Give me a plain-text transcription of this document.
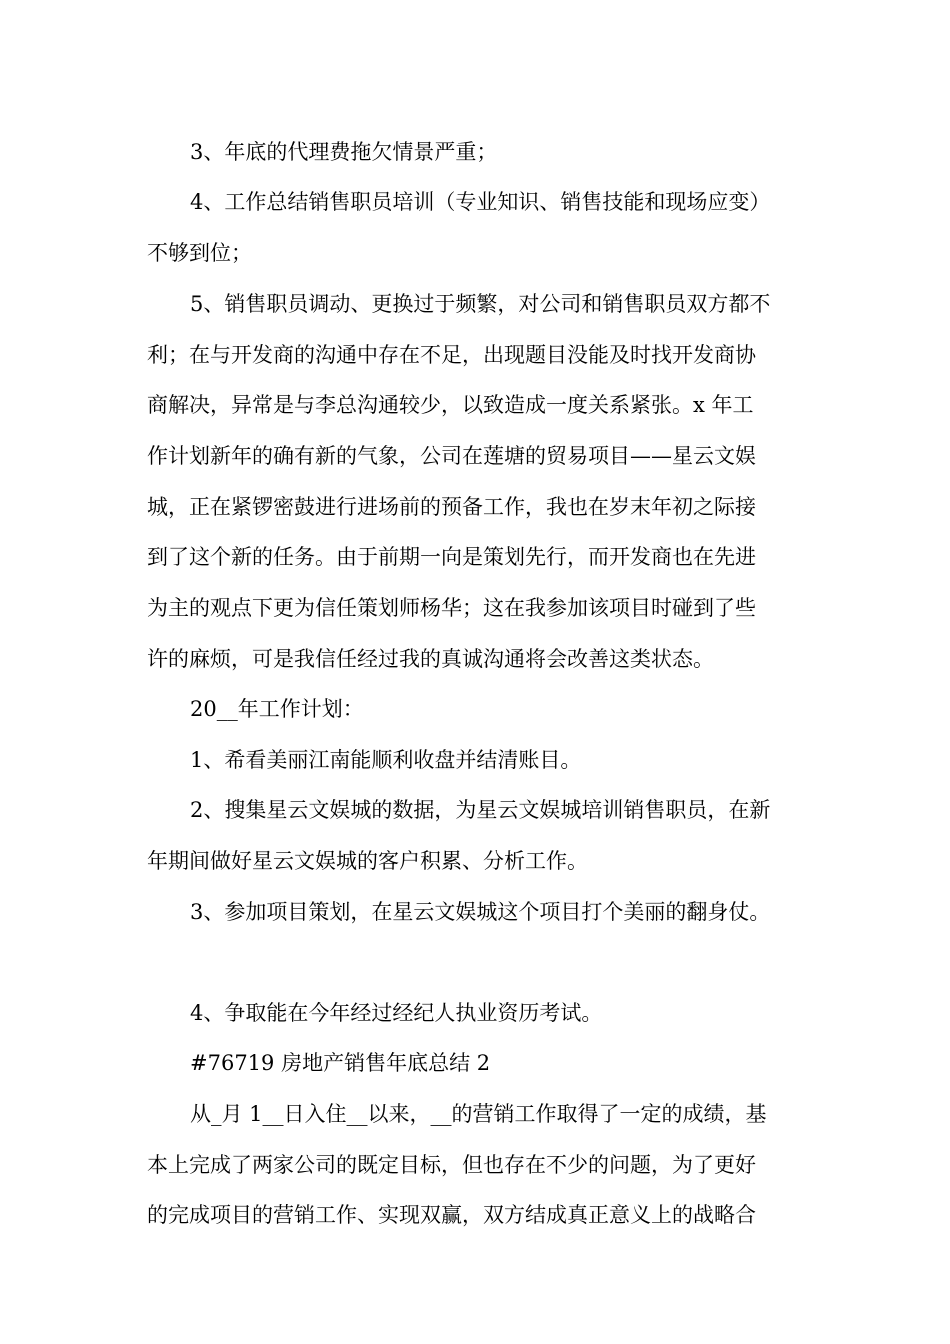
3、年底的代理费拖欠情景严重；
4、工作总结销售职员培训（专业知识、销售技能和现场应变）
不够到位；
5、销售职员调动、更换过于频繁，对公司和销售职员双方都不
利；在与开发商的沟通中存在不足，出现题目没能及时找开发商协
商解决，异常是与李总沟通较少，以致造成一度关系紧张。x 年工
作计划新年的确有新的气象，公司在莲塘的贸易项目——星云文娱
城，正在紧锣密鼓进行进场前的预备工作，我也在岁末年初之际接
到了这个新的任务。由于前期一向是策划先行，而开发商也在先进
为主的观点下更为信任策划师杨华；这在我参加该项目时碰到了些
许的麻烦，可是我信任经过我的真诚沟通将会改善这类状态。
20__年工作计划：
1、希看美丽江南能顺利收盘并结清账目。
2、搜集星云文娱城的数据，为星云文娱城培训销售职员，在新
年期间做好星云文娱城的客户积累、分析工作。
3、参加项目策划，在星云文娱城这个项目打个美丽的翻身仗。
4、争取能在今年经过经纪人执业资历考试。
#76719 房地产销售年底总结 2
从_月 1__日入住__以来，__的营销工作取得了一定的成绩，基
本上完成了两家公司的既定目标，但也存在不少的问题，为了更好
的完成项目的营销工作、实现双赢，双方结成真正意义上的战略合
